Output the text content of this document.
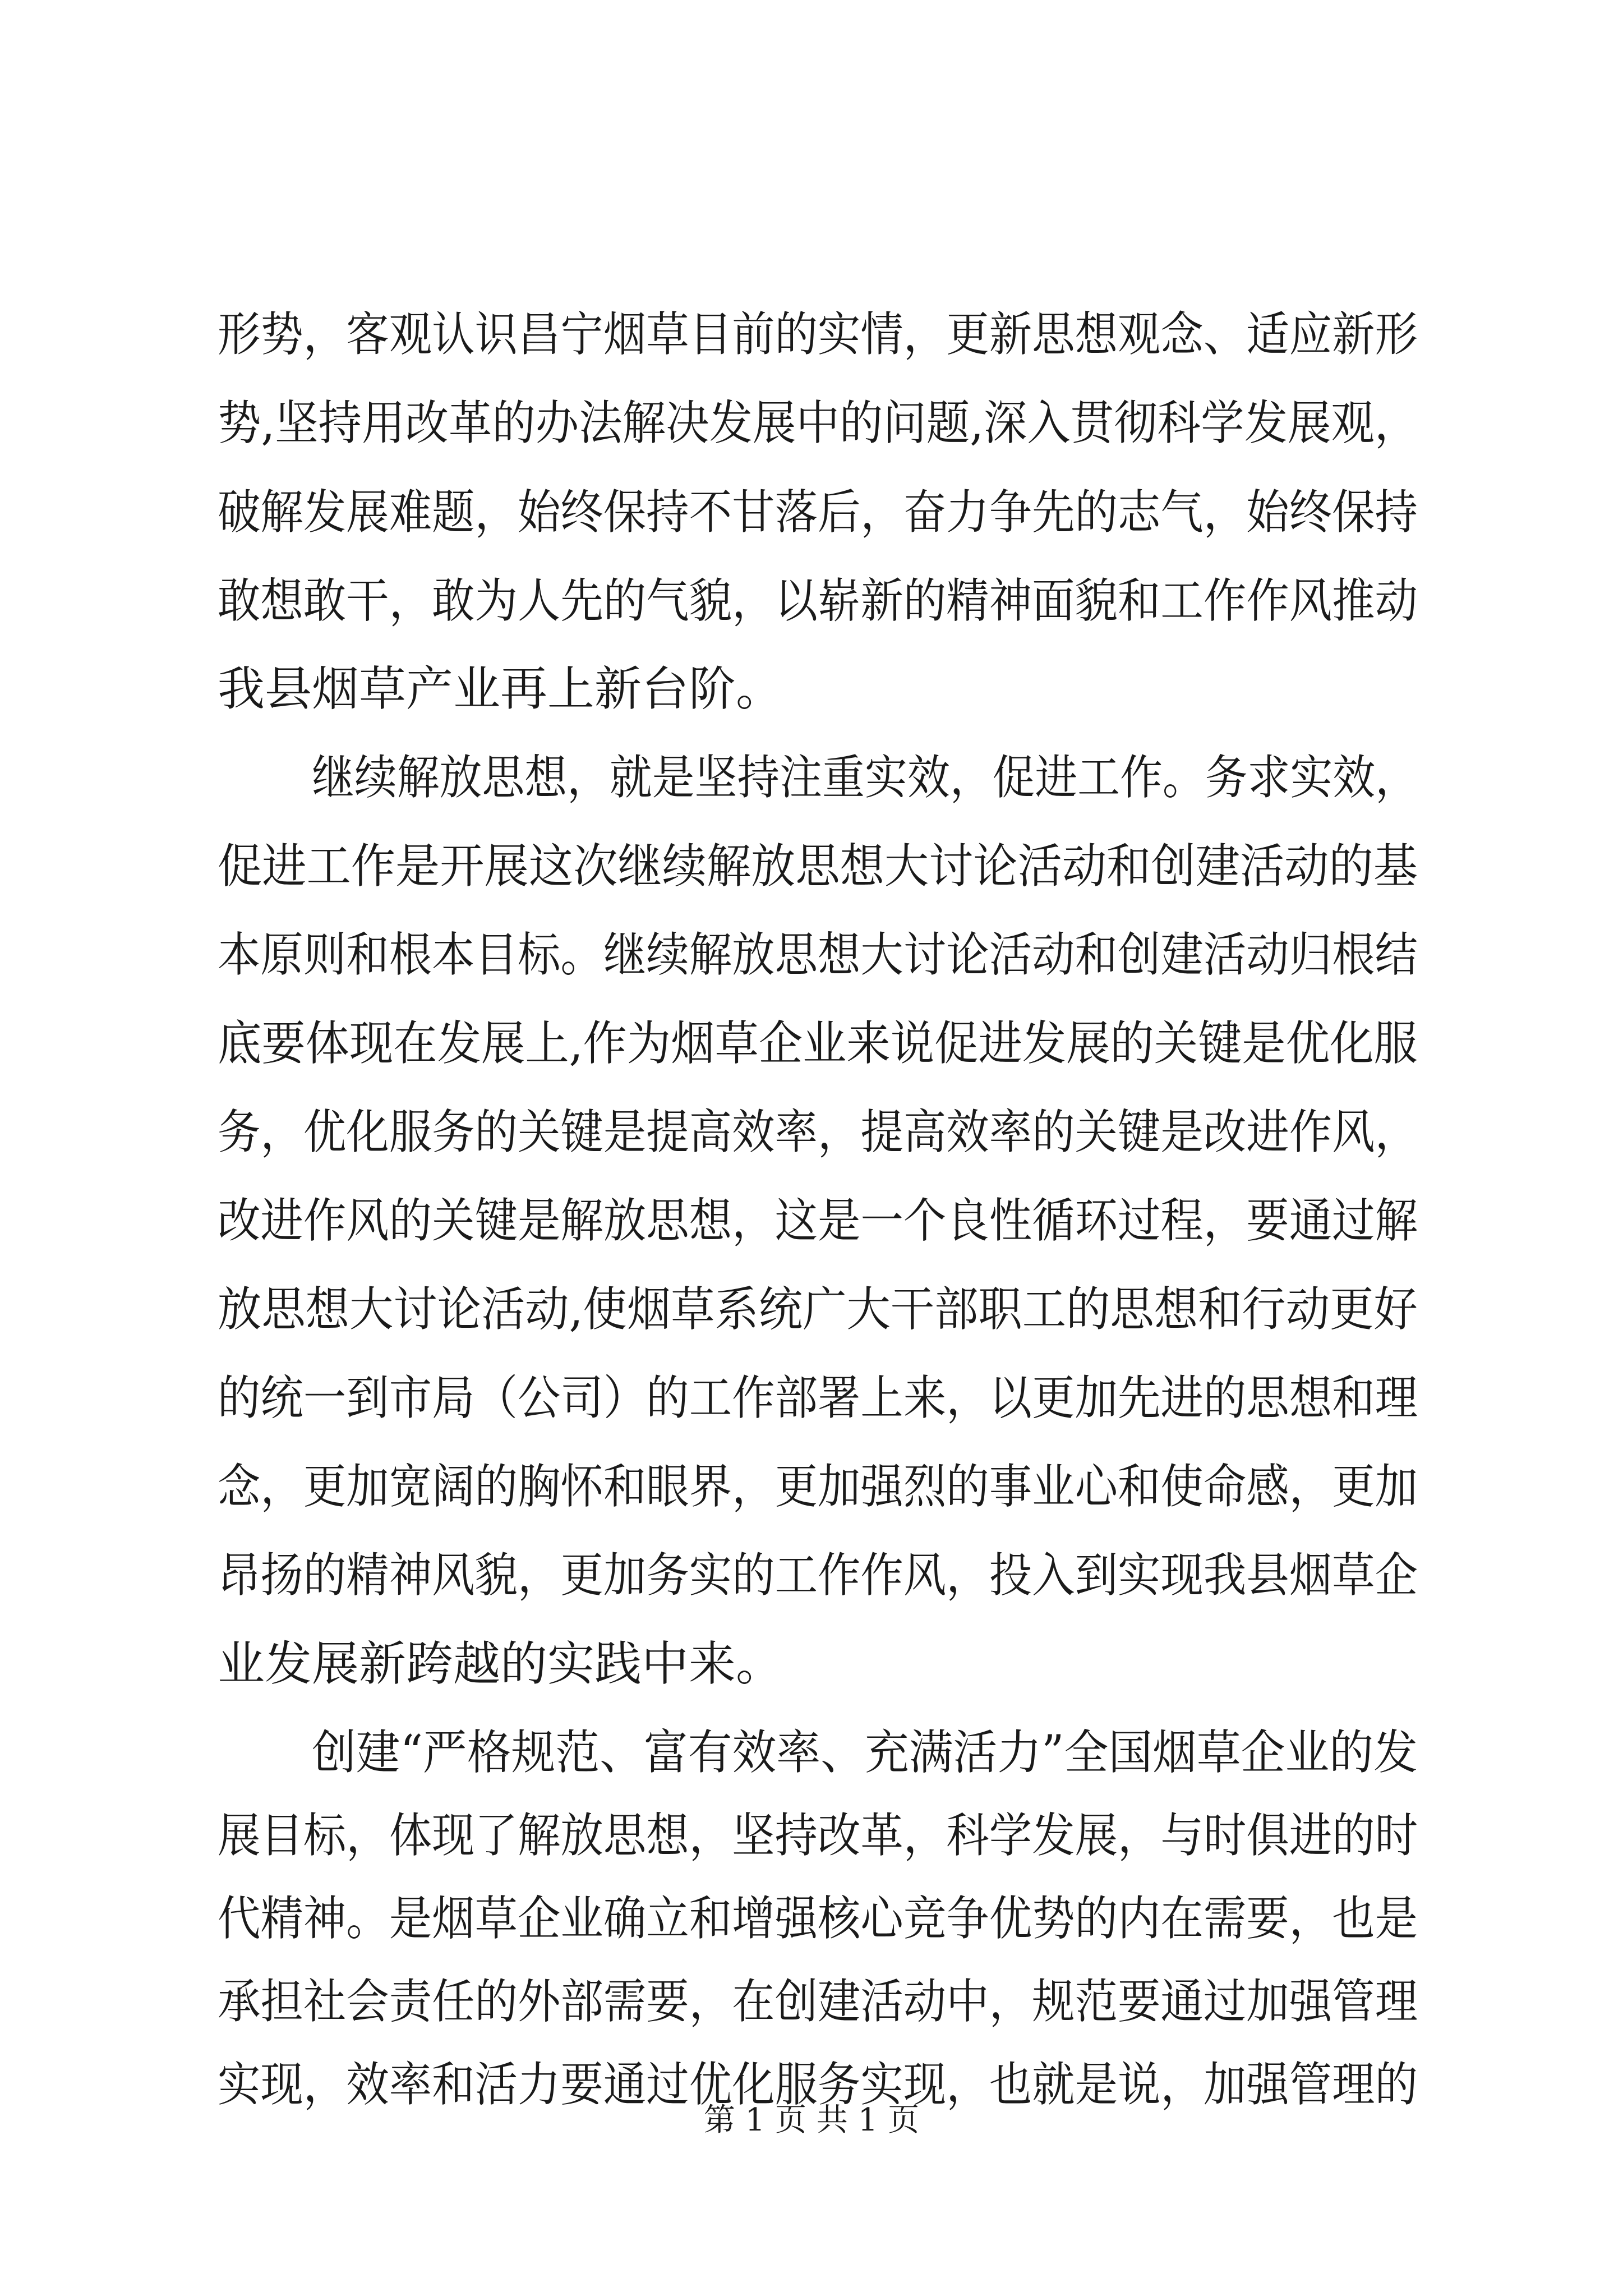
形势，客观认识昌宁烟草目前的实情，更新思想观念、适应新形
势,坚持用改革的办法解决发展中的问题,深入贯彻科学发展观，
破解发展难题，始终保持不甘落后，奋力争先的志气，始终保持
敢想敢干，敢为人先的气貌，以崭新的精神面貌和工作作风推动
我县烟草产业再上新台阶。
继续解放思想，就是坚持注重实效，促进工作。务求实效，
促进工作是开展这次继续解放思想大讨论活动和创建活动的基
本原则和根本目标。继续解放思想大讨论活动和创建活动归根结
底要体现在发展上,作为烟草企业来说促进发展的关键是优化服
务，优化服务的关键是提高效率，提高效率的关键是改进作风，
改进作风的关键是解放思想，这是一个良性循环过程，要通过解
放思想大讨论活动,使烟草系统广大干部职工的思想和行动更好
的统一到市局（公司）的工作部署上来，以更加先进的思想和理
念，更加宽阔的胸怀和眼界，更加强烈的事业心和使命感，更加
昂扬的精神风貌，更加务实的工作作风，投入到实现我县烟草企
业发展新跨越的实践中来。
创建“严格规范、富有效率、充满活力”全国烟草企业的发
展目标，体现了解放思想，坚持改革，科学发展，与时俱进的时
代精神。是烟草企业确立和增强核心竞争优势的内在需要，也是
承担社会责任的外部需要，在创建活动中，规范要通过加强管理
实现，效率和活力要通过优化服务实现，也就是说，加强管理的
第 1 页 共 1 页
